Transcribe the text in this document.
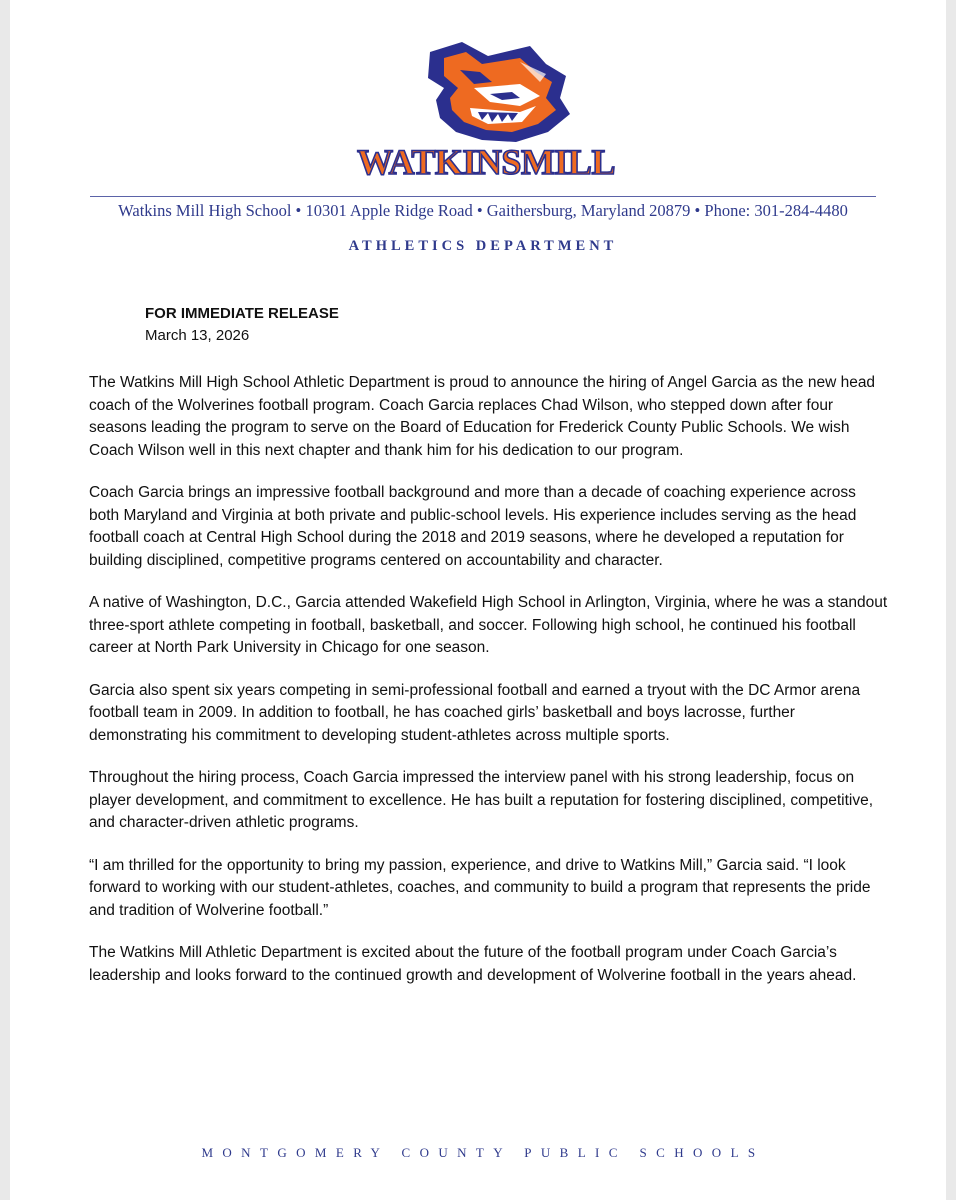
WATKINSMILL
Watkins Mill High School • 10301 Apple Ridge Road • Gaithersburg, Maryland 20879 • Phone: 301-284-4480
ATHLETICS DEPARTMENT
FOR IMMEDIATE RELEASE
March 13, 2026

The Watkins Mill High School Athletic Department is proud to announce the hiring of Angel Garcia as the new head coach of the Wolverines football program. Coach Garcia replaces Chad Wilson, who stepped down after four seasons leading the program to serve on the Board of Education for Frederick County Public Schools. We wish Coach Wilson well in this next chapter and thank him for his dedication to our program.

Coach Garcia brings an impressive football background and more than a decade of coaching experience across both Maryland and Virginia at both private and public-school levels. His experience includes serving as the head football coach at Central High School during the 2018 and 2019 seasons, where he developed a reputation for building disciplined, competitive programs centered on accountability and character.

A native of Washington, D.C., Garcia attended Wakefield High School in Arlington, Virginia, where he was a standout three-sport athlete competing in football, basketball, and soccer. Following high school, he continued his football career at North Park University in Chicago for one season.

Garcia also spent six years competing in semi-professional football and earned a tryout with the DC Armor arena football team in 2009. In addition to football, he has coached girls’ basketball and boys lacrosse, further demonstrating his commitment to developing student-athletes across multiple sports.

Throughout the hiring process, Coach Garcia impressed the interview panel with his strong leadership, focus on player development, and commitment to excellence. He has built a reputation for fostering disciplined, competitive, and character-driven athletic programs.

“I am thrilled for the opportunity to bring my passion, experience, and drive to Watkins Mill,” Garcia said. “I look forward to working with our student-athletes, coaches, and community to build a program that represents the pride and tradition of Wolverine football.”

The Watkins Mill Athletic Department is excited about the future of the football program under Coach Garcia’s leadership and looks forward to the continued growth and development of Wolverine football in the years ahead.

MONTGOMERY COUNTY PUBLIC SCHOOLS
